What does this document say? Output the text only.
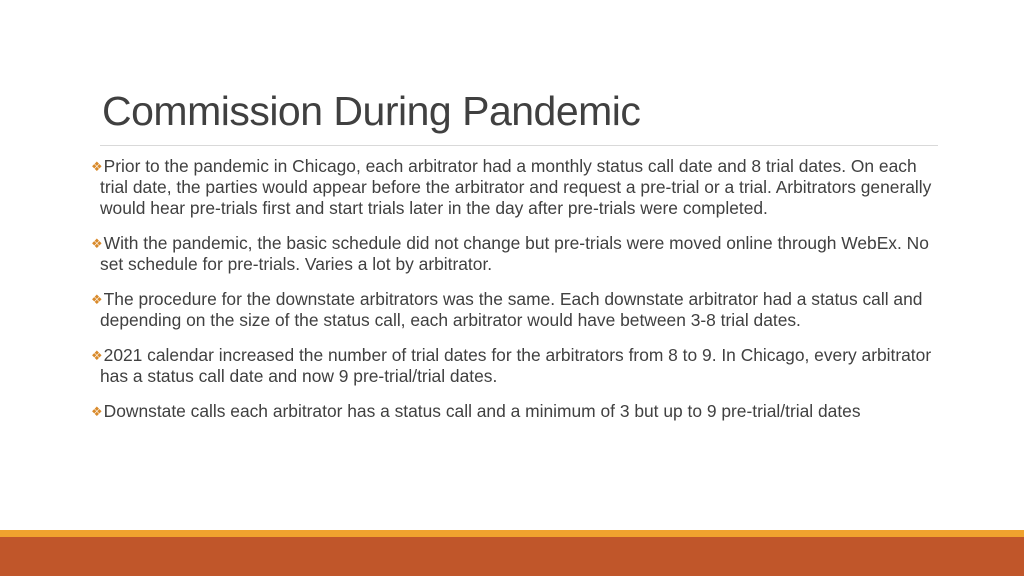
Commission During Pandemic
❖Prior to the pandemic in Chicago, each arbitrator had a monthly status call date and 8 trial dates. On each trial date, the parties would appear before the arbitrator and request a pre-trial or a trial. Arbitrators generally would hear pre-trials first and start trials later in the day after pre-trials were completed.
❖With the pandemic, the basic schedule did not change but pre-trials were moved online through WebEx. No set schedule for pre-trials. Varies a lot by arbitrator.
❖The procedure for the downstate arbitrators was the same. Each downstate arbitrator had a status call and depending on the size of the status call, each arbitrator would have between 3-8 trial dates.
❖2021 calendar increased the number of trial dates for the arbitrators from 8 to 9. In Chicago, every arbitrator has a status call date and now 9 pre-trial/trial dates.
❖Downstate calls each arbitrator has a status call and a minimum of 3 but up to 9 pre-trial/trial dates
